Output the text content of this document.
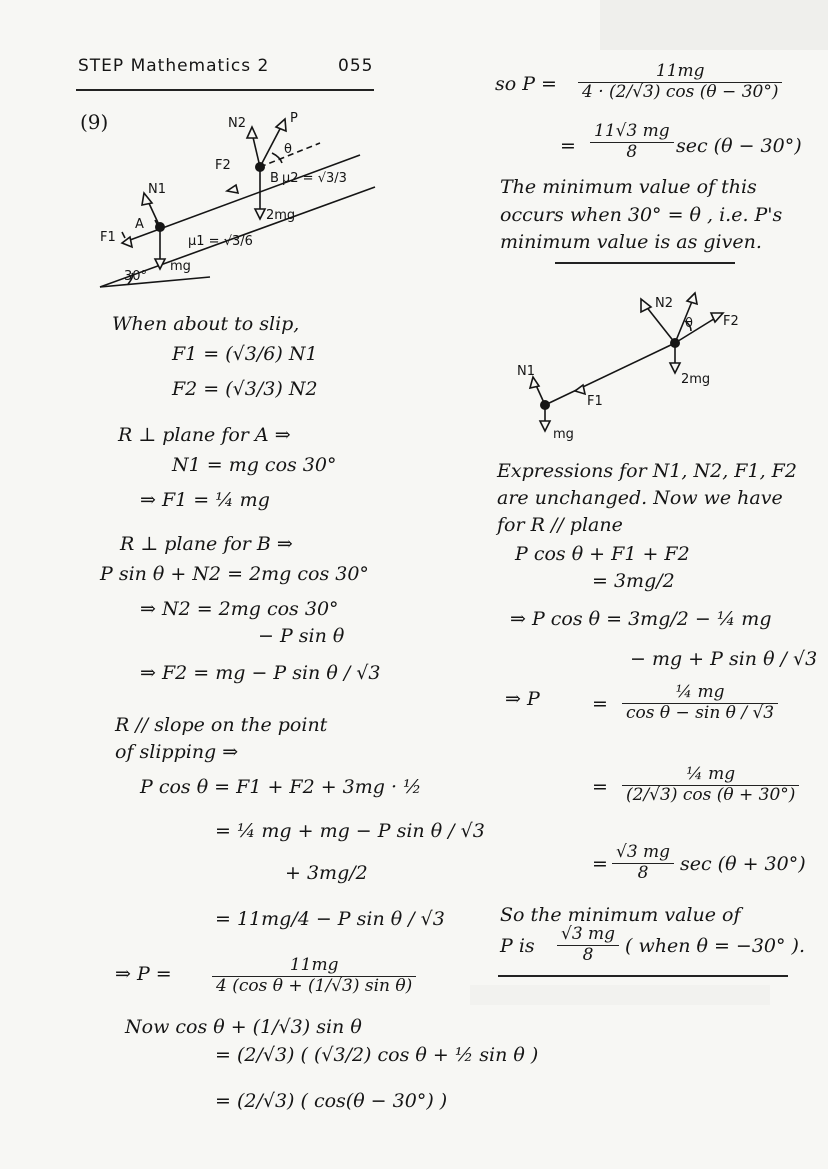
STEP Mathematics 2	055
(9)	N2	P
θ
F2
B μ2 = √3/3
N1
A
F1
2mg
μ1 = √3/6
mg
30°
When about to slip,
F1 = (√3/6) N1
F2 = (√3/3) N2
R ⊥ plane for A ⇒
N1 = mg cos 30°
⇒ F1 = ¼ mg
R ⊥ plane for B ⇒
P sin θ + N2 = 2mg cos 30°
⇒ N2 = 2mg cos 30°
− P sin θ
⇒ F2 = mg − P sin θ / √3
R // slope on the point
of slipping ⇒
P cos θ = F1 + F2 + 3mg · ½
= ¼ mg + mg − P sin θ / √3
+ 3mg/2
= 11mg/4 − P sin θ / √3
⇒ P =	11mg
4 (cos θ + (1/√3) sin θ)
Now cos θ + (1/√3) sin θ
= (2/√3) ( (√3/2) cos θ + ½ sin θ )
= (2/√3) ( cos(θ − 30°) )
so P =
11mg
4 · (2/√3) cos (θ − 30°)
=
11√3 mg
8 sec (θ − 30°)
The minimum value of this
occurs when 30° = θ , i.e. P's
minimum value is as given.
N2
θ F2
N1
F1
2mg
mg
Expressions for N1, N2, F1, F2
are unchanged. Now we have
for R // plane
P cos θ + F1 + F2
= 3mg/2
⇒ P cos θ = 3mg/2 − ¼ mg
− mg + P sin θ / √3
⇒ P	=
¼ mg
cos θ − sin θ / √3
=
¼ mg
(2/√3) cos (θ + 30°)
=
√3 mg
8 sec (θ + 30°)
So the minimum value of
P is
√3 mg
8 ( when θ = −30° ).
